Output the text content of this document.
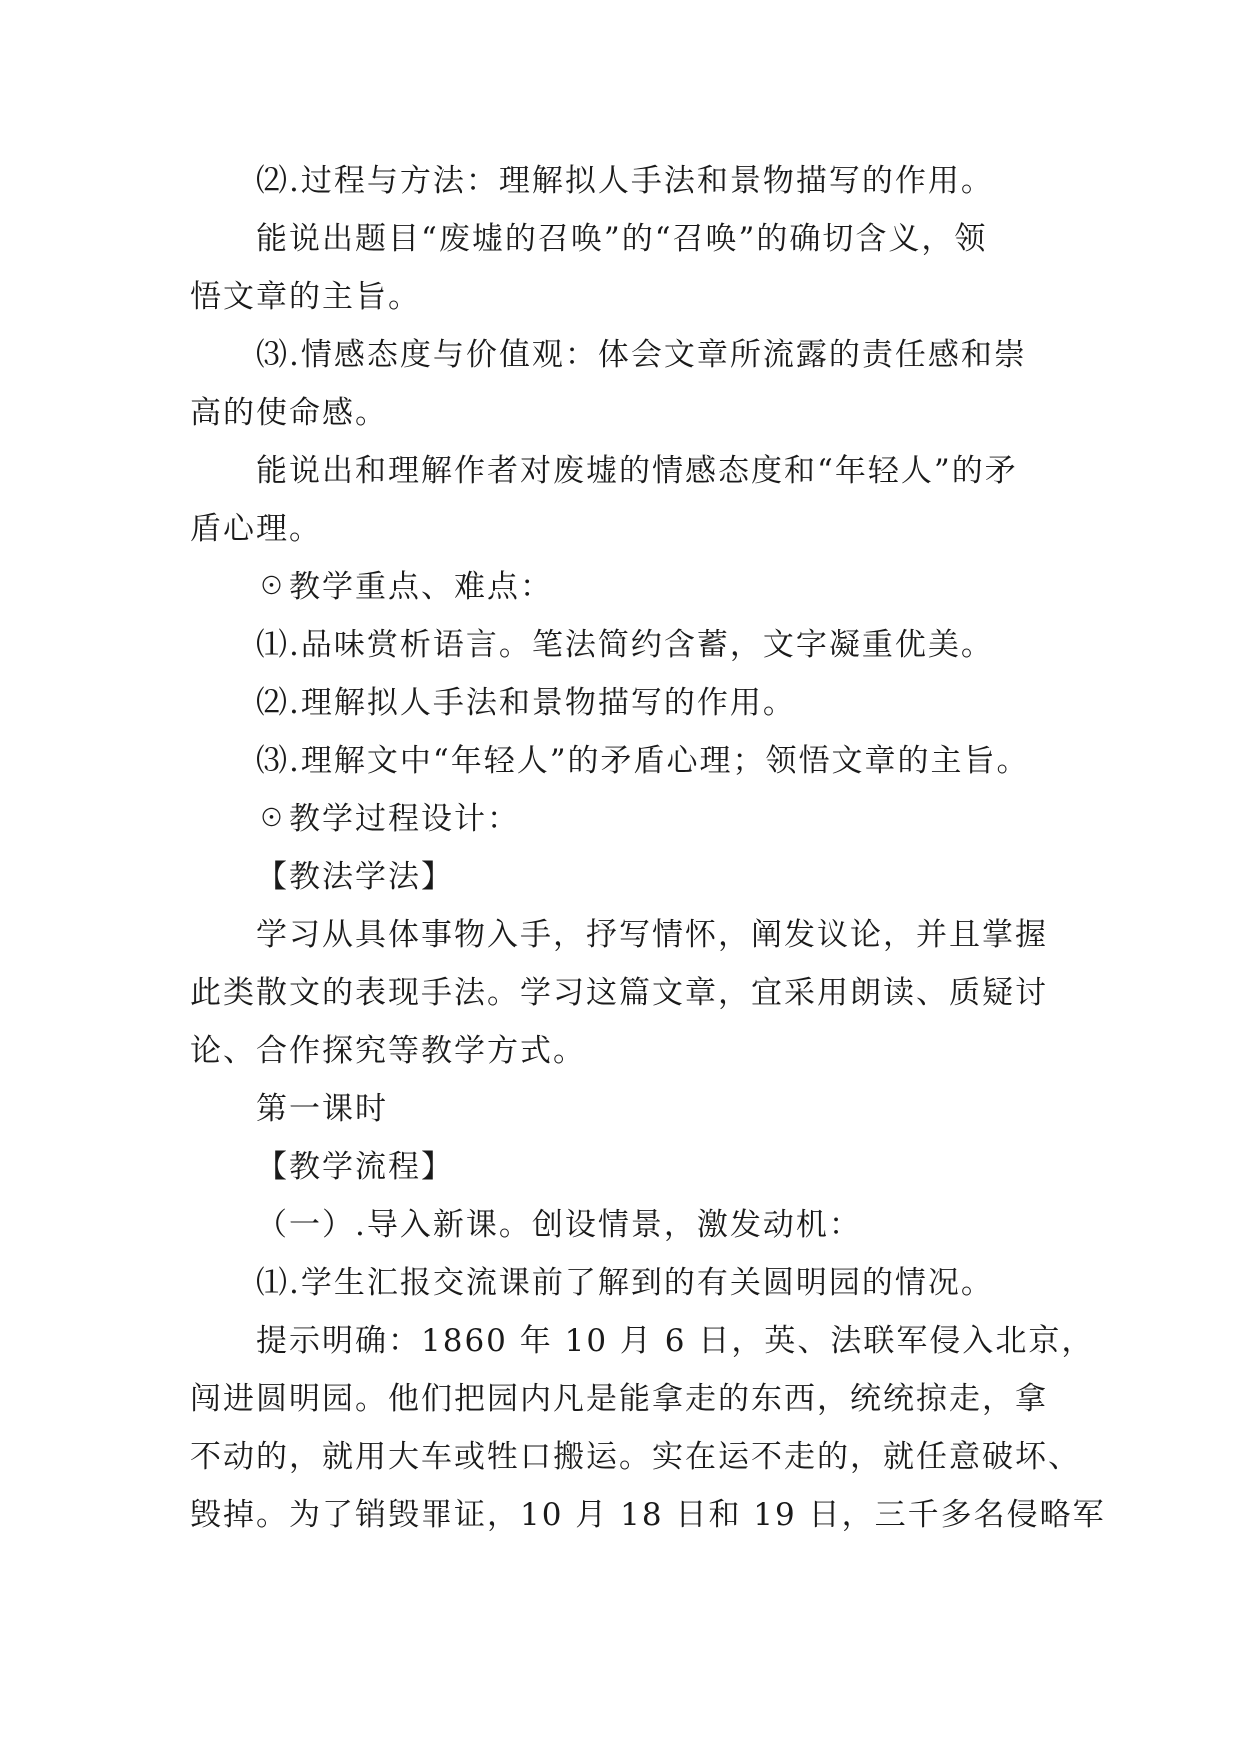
⑵.过程与方法：理解拟人手法和景物描写的作用。
能说出题目“废墟的召唤”的“召唤”的确切含义，领
悟文章的主旨。
⑶.情感态度与价值观：体会文章所流露的责任感和崇
高的使命感。
能说出和理解作者对废墟的情感态度和“年轻人”的矛
盾心理。
☉教学重点、难点：
⑴.品味赏析语言。笔法简约含蓄，文字凝重优美。
⑵.理解拟人手法和景物描写的作用。
⑶.理解文中“年轻人”的矛盾心理；领悟文章的主旨。
☉教学过程设计：
【教法学法】
学习从具体事物入手，抒写情怀，阐发议论，并且掌握
此类散文的表现手法。学习这篇文章，宜采用朗读、质疑讨
论、合作探究等教学方式。
第一课时
【教学流程】
（一）.导入新课。创设情景，激发动机：
⑴.学生汇报交流课前了解到的有关圆明园的情况。
提示明确：1860 年 10 月 6 日，英、法联军侵入北京，
闯进圆明园。他们把园内凡是能拿走的东西，统统掠走，拿
不动的，就用大车或牲口搬运。实在运不走的，就任意破坏、
毁掉。为了销毁罪证，10 月 18 日和 19 日，三千多名侵略军
